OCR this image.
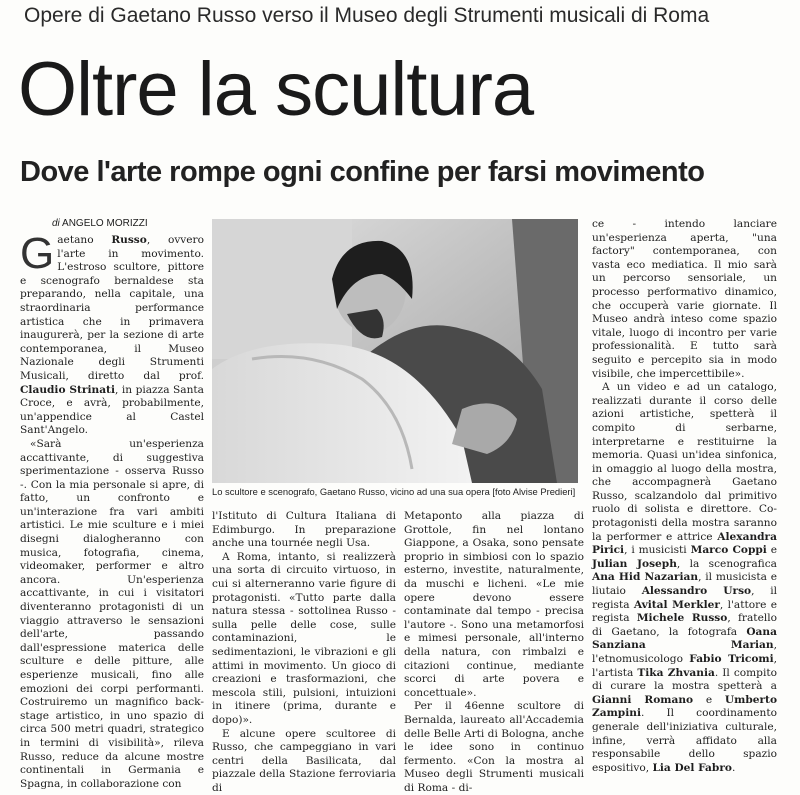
Opere di Gaetano Russo verso il Museo degli Strumenti musicali di Roma
Oltre la scultura
Dove l'arte rompe ogni confine per farsi movimento
di ANGELO MORIZZI

Gaetano Russo, ovvero l'arte in movimento. L'estroso scultore, pittore e scenografo bernaldese sta preparando, nella capitale, una straordinaria performance artistica che in primavera inaugurerà, per la sezione di arte contemporanea, il Museo Nazionale degli Strumenti Musicali, diretto dal prof. Claudio Strinati, in piazza Santa Croce, e avrà, probabilmente, un'appendice al Castel Sant'Angelo.

«Sarà un'esperienza accattivante, di suggestiva sperimentazione - osserva Russo -. Con la mia personale si apre, di fatto, un confronto e un'interazione fra vari ambiti artistici. Le mie sculture e i miei disegni dialogheranno con musica, fotografia, cinema, videomaker, performer e altro ancora. Un'esperienza accattivante, in cui i visitatori diventeranno protagonisti di un viaggio attraverso le sensazioni dell'arte, passando dall'espressione materica delle sculture e delle pitture, alle esperienze musicali, fino alle emozioni dei corpi performanti. Costruiremo un magnifico back-stage artistico, in uno spazio di circa 500 metri quadri, strategico in termini di visibilità», rileva Russo, reduce da alcune mostre continentali in Germania e Spagna, in collaborazione con

Lo scultore e scenografo, Gaetano Russo, vicino ad una sua opera [foto Alvise Predieri]

l'Istituto di Cultura Italiana di Edimburgo. In preparazione anche una tournée negli Usa.

A Roma, intanto, si realizzerà una sorta di circuito virtuoso, in cui si alterneranno varie figure di protagonisti. «Tutto parte dalla natura stessa - sottolinea Russo - sulla pelle delle cose, sulle contaminazioni, le sedimentazioni, le vibrazioni e gli attimi in movimento. Un gioco di creazioni e trasformazioni, che mescola stili, pulsioni, intuizioni in itinere (prima, durante e dopo)».

E alcune opere scultoree di Russo, che campeggiano in vari centri della Basilicata, dal piazzale della Stazione ferroviaria di

Metaponto alla piazza di Grottole, fin nel lontano Giappone, a Osaka, sono pensate proprio in simbiosi con lo spazio esterno, investite, naturalmente, da muschi e licheni. «Le mie opere devono essere contaminate dal tempo - precisa l'autore -. Sono una metamorfosi e mimesi personale, all'interno della natura, con rimbalzi e citazioni continue, mediante scorci di arte povera e concettuale».

Per il 46enne scultore di Bernalda, laureato all'Accademia delle Belle Arti di Bologna, anche le idee sono in continuo fermento. «Con la mostra al Museo degli Strumenti musicali di Roma - di-

ce - intendo lanciare un'esperienza aperta, "una factory" contemporanea, con vasta eco mediatica. Il mio sarà un percorso sensoriale, un processo performativo dinamico, che occuperà varie giornate. Il Museo andrà inteso come spazio vitale, luogo di incontro per varie professionalità. E tutto sarà seguito e percepito sia in modo visibile, che impercettibile».

A un video e ad un catalogo, realizzati durante il corso delle azioni artistiche, spetterà il compito di serbarne, interpretarne e restituirne la memoria. Quasi un'idea sinfonica, in omaggio al luogo della mostra, che accompagnerà Gaetano Russo, scalzandolo dal primitivo ruolo di solista e direttore. Co-protagonisti della mostra saranno la performer e attrice Alexandra Pirici, i musicisti Marco Coppi e Julian Joseph, la scenografica Ana Hid Nazarian, il musicista e liutaio Alessandro Urso, il regista Avital Merkler, l'attore e regista Michele Russo, fratello di Gaetano, la fotografa Oana Sanziana Marian, l'etnomusicologo Fabio Tricomi, l'artista Tika Zhvania. Il compito di curare la mostra spetterà a Gianni Romano e Umberto Zampini. Il coordinamento generale dell'iniziativa culturale, infine, verrà affidato alla responsabile dello spazio espositivo, Lia Del Fabro.
